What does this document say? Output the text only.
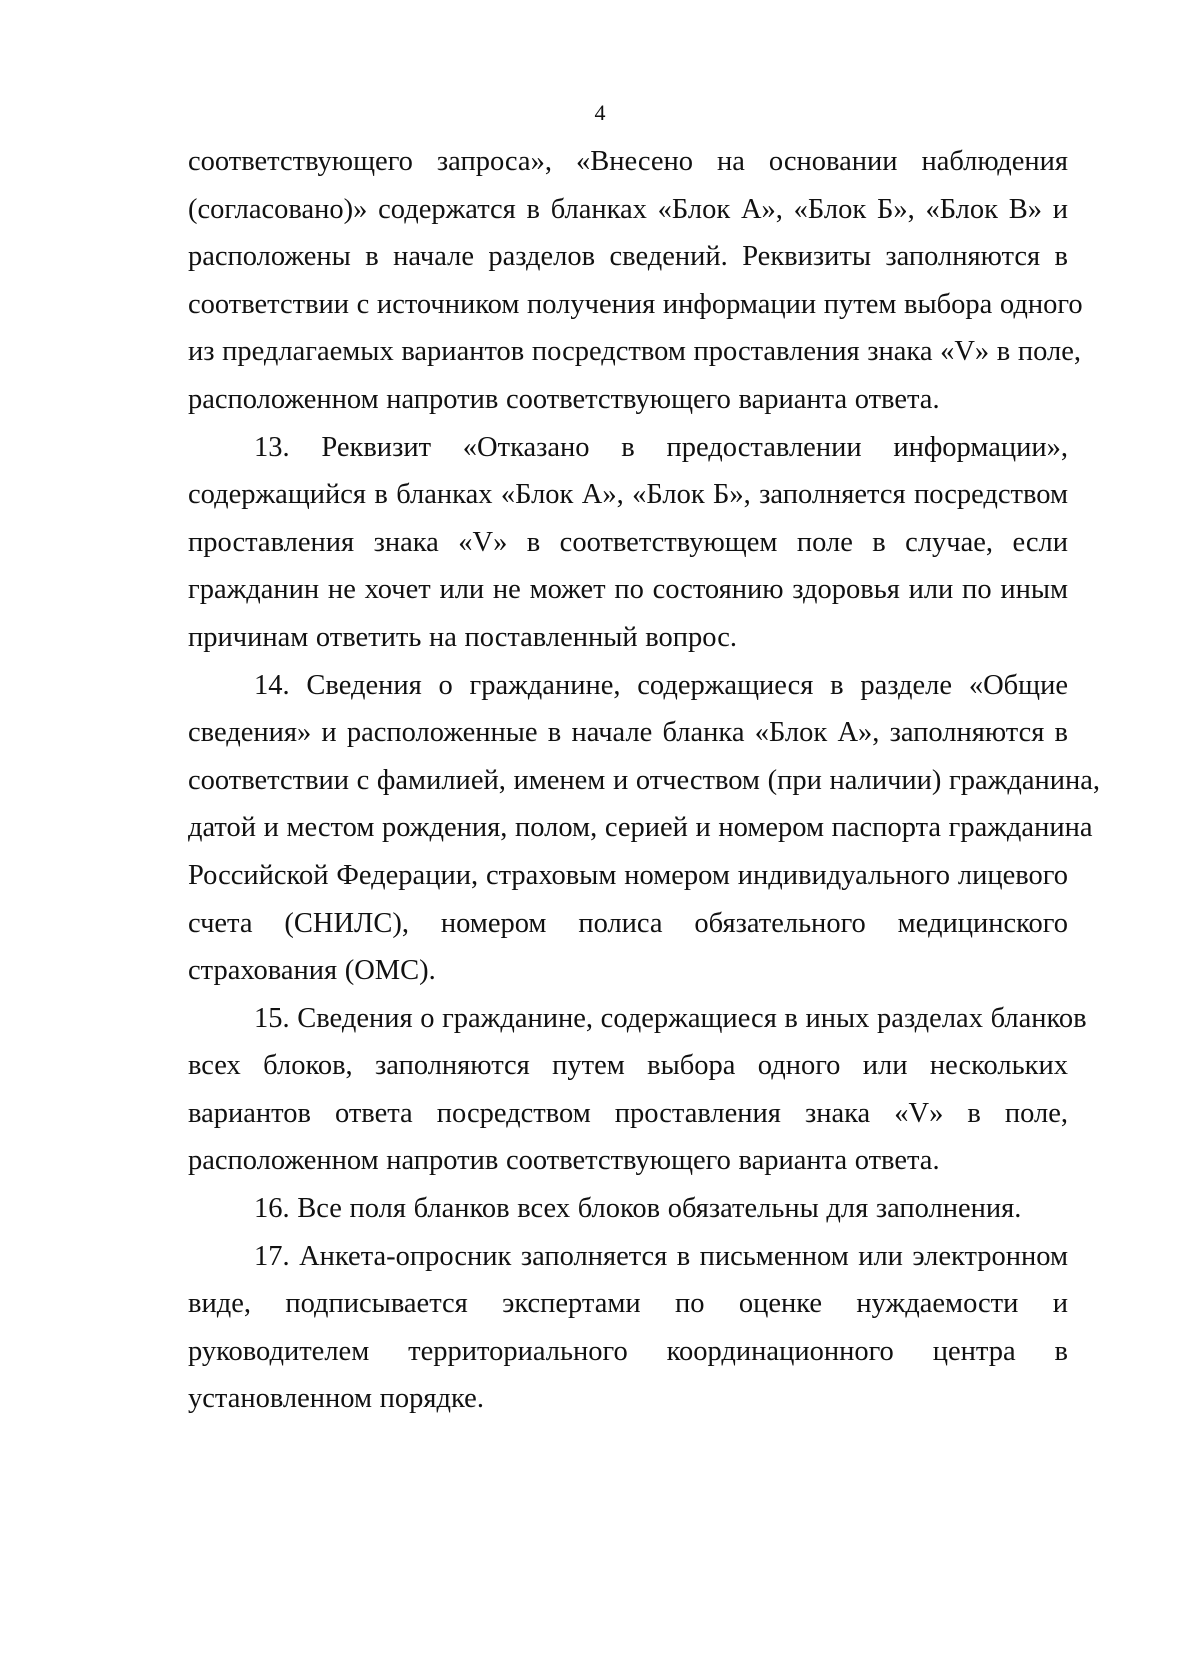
4
соответствующего запроса», «Внесено на основании наблюдения
(согласовано)» содержатся в бланках «Блок А», «Блок Б», «Блок В» и
расположены в начале разделов сведений. Реквизиты заполняются в
соответствии с источником получения информации путем выбора одного
из предлагаемых вариантов посредством проставления знака «V» в поле,
расположенном напротив соответствующего варианта ответа.
13. Реквизит «Отказано в предоставлении информации»,
содержащийся в бланках «Блок А», «Блок Б», заполняется посредством
проставления знака «V» в соответствующем поле в случае, если
гражданин не хочет или не может по состоянию здоровья или по иным
причинам ответить на поставленный вопрос.
14. Сведения о гражданине, содержащиеся в разделе «Общие
сведения» и расположенные в начале бланка «Блок А», заполняются в
соответствии с фамилией, именем и отчеством (при наличии) гражданина,
датой и местом рождения, полом, серией и номером паспорта гражданина
Российской Федерации, страховым номером индивидуального лицевого
счета (СНИЛС), номером полиса обязательного медицинского
страхования (ОМС).
15. Сведения о гражданине, содержащиеся в иных разделах бланков
всех блоков, заполняются путем выбора одного или нескольких
вариантов ответа посредством проставления знака «V» в поле,
расположенном напротив соответствующего варианта ответа.
16. Все поля бланков всех блоков обязательны для заполнения.
17. Анкета-опросник заполняется в письменном или электронном
виде, подписывается экспертами по оценке нуждаемости и
руководителем территориального координационного центра в
установленном порядке.
